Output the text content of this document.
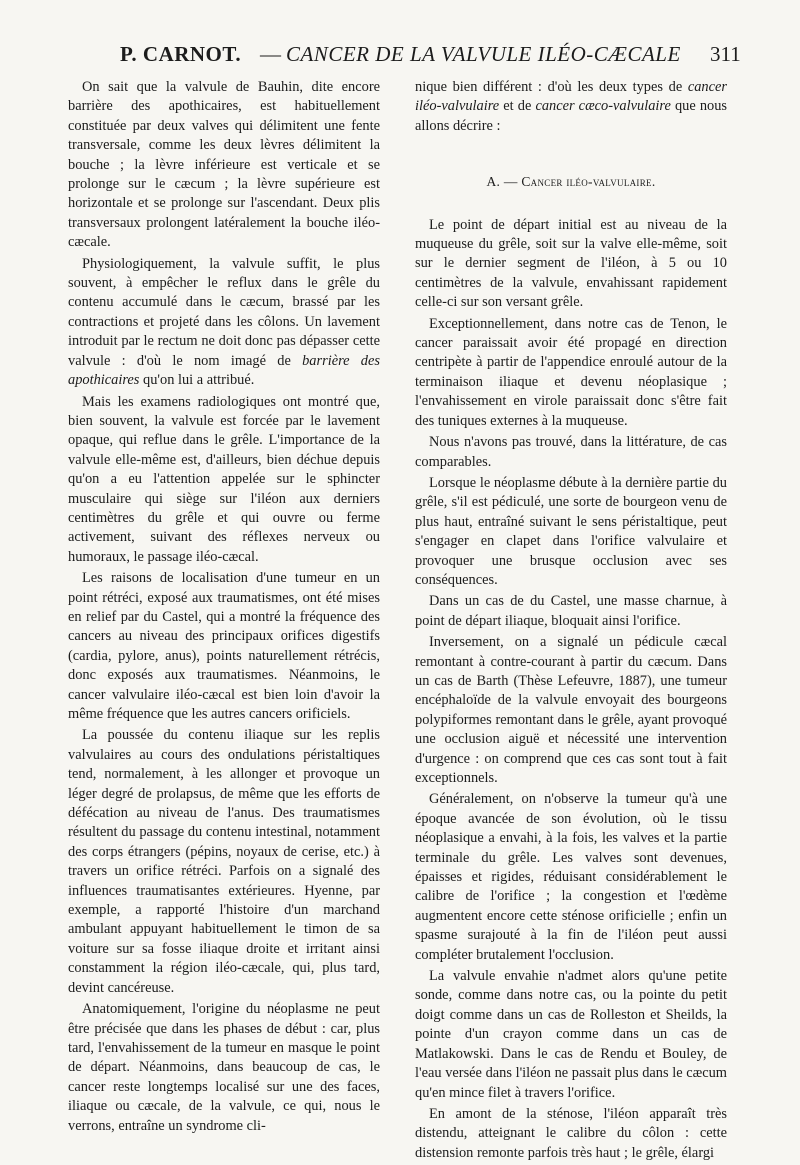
P. CARNOT. — CANCER DE LA VALVULE ILÉO-CÆCALE 311

On sait que la valvule de Bauhin, dite encore barrière des apothicaires, est habituellement constituée par deux valves qui délimitent une fente transversale, comme les deux lèvres délimitent la bouche ; la lèvre inférieure est verticale et se prolonge sur le cæcum ; la lèvre supérieure est horizontale et se prolonge sur l'ascendant. Deux plis transversaux prolongent latéralement la bouche iléo-cæcale.

Physiologiquement, la valvule suffit, le plus souvent, à empêcher le reflux dans le grêle du contenu accumulé dans le cæcum, brassé par les contractions et projeté dans les côlons. Un lavement introduit par le rectum ne doit donc pas dépasser cette valvule : d'où le nom imagé de barrière des apothicaires qu'on lui a attribué.

Mais les examens radiologiques ont montré que, bien souvent, la valvule est forcée par le lavement opaque, qui reflue dans le grêle. L'importance de la valvule elle-même est, d'ailleurs, bien déchue depuis qu'on a eu l'attention appelée sur le sphincter musculaire qui siège sur l'iléon aux derniers centimètres du grêle et qui ouvre ou ferme activement, suivant des réflexes nerveux ou humoraux, le passage iléo-cæcal.

Les raisons de localisation d'une tumeur en un point rétréci, exposé aux traumatismes, ont été mises en relief par du Castel, qui a montré la fréquence des cancers au niveau des principaux orifices digestifs (cardia, pylore, anus), points naturellement rétrécis, donc exposés aux traumatismes. Néanmoins, le cancer valvulaire iléo-cæcal est bien loin d'avoir la même fréquence que les autres cancers orificiels.

La poussée du contenu iliaque sur les replis valvulaires au cours des ondulations péristaltiques tend, normalement, à les allonger et provoque un léger degré de prolapsus, de même que les efforts de défécation au niveau de l'anus. Des traumatismes résultent du passage du contenu intestinal, notamment des corps étrangers (pépins, noyaux de cerise, etc.) à travers un orifice rétréci. Parfois on a signalé des influences traumatisantes extérieures. Hyenne, par exemple, a rapporté l'histoire d'un marchand ambulant appuyant habituellement le timon de sa voiture sur sa fosse iliaque droite et irritant ainsi constamment la région iléo-cæcale, qui, plus tard, devint cancéreuse.

Anatomiquement, l'origine du néoplasme ne peut être précisée que dans les phases de début : car, plus tard, l'envahissement de la tumeur en masque le point de départ. Néanmoins, dans beaucoup de cas, le cancer reste longtemps localisé sur une des faces, iliaque ou cæcale, de la valvule, ce qui, nous le verrons, entraîne un syndrome cli-

nique bien différent : d'où les deux types de cancer iléo-valvulaire et de cancer cæco-valvulaire que nous allons décrire :

A. — Cancer iléo-valvulaire.

Le point de départ initial est au niveau de la muqueuse du grêle, soit sur la valve elle-même, soit sur le dernier segment de l'iléon, à 5 ou 10 centimètres de la valvule, envahissant rapidement celle-ci sur son versant grêle.

Exceptionnellement, dans notre cas de Tenon, le cancer paraissait avoir été propagé en direction centripète à partir de l'appendice enroulé autour de la terminaison iliaque et devenu néoplasique ; l'envahissement en virole paraissait donc s'être fait des tuniques externes à la muqueuse.

Nous n'avons pas trouvé, dans la littérature, de cas comparables.

Lorsque le néoplasme débute à la dernière partie du grêle, s'il est pédiculé, une sorte de bourgeon venu de plus haut, entraîné suivant le sens péristaltique, peut s'engager en clapet dans l'orifice valvulaire et provoquer une brusque occlusion avec ses conséquences.

Dans un cas de du Castel, une masse charnue, à point de départ iliaque, bloquait ainsi l'orifice.

Inversement, on a signalé un pédicule cæcal remontant à contre-courant à partir du cæcum. Dans un cas de Barth (Thèse Lefeuvre, 1887), une tumeur encéphaloïde de la valvule envoyait des bourgeons polypiformes remontant dans le grêle, ayant provoqué une occlusion aiguë et nécessité une intervention d'urgence : on comprend que ces cas sont tout à fait exceptionnels.

Généralement, on n'observe la tumeur qu'à une époque avancée de son évolution, où le tissu néoplasique a envahi, à la fois, les valves et la partie terminale du grêle. Les valves sont devenues, épaisses et rigides, réduisant considérablement le calibre de l'orifice ; la congestion et l'œdème augmentent encore cette sténose orificielle ; enfin un spasme surajouté à la fin de l'iléon peut aussi compléter brutalement l'occlusion.

La valvule envahie n'admet alors qu'une petite sonde, comme dans notre cas, ou la pointe du petit doigt comme dans un cas de Rolleston et Sheilds, la pointe d'un crayon comme dans un cas de Matlakowski. Dans le cas de Rendu et Bouley, de l'eau versée dans l'iléon ne passait plus dans le cæcum qu'en mince filet à travers l'orifice.

En amont de la sténose, l'iléon apparaît très distendu, atteignant le calibre du côlon : cette distension remonte parfois très haut ; le grêle, élargi
